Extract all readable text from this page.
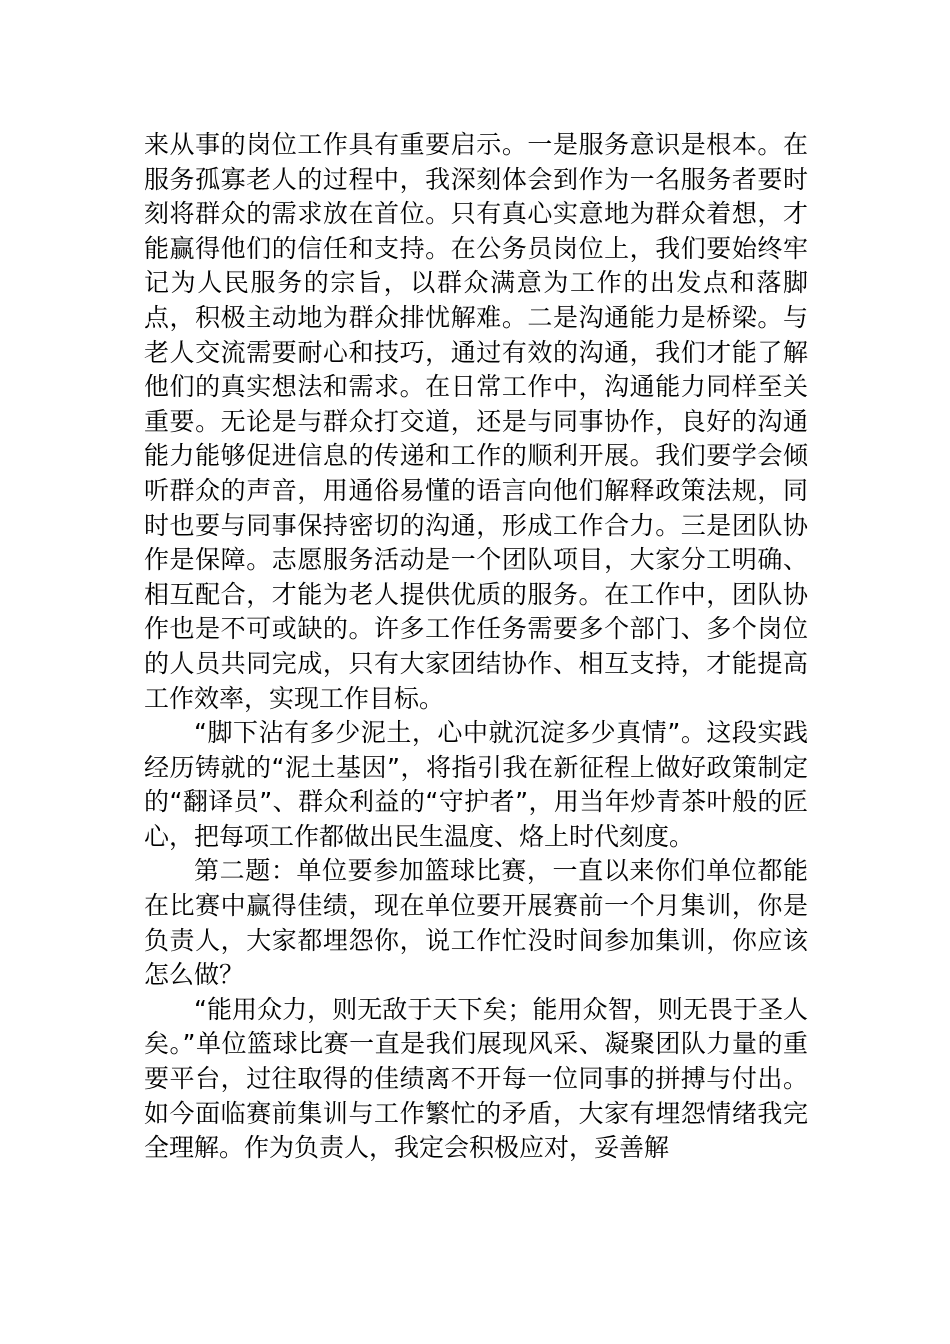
来从事的岗位工作具有重要启示。一是服务意识是根本。在服务孤寡老人的过程中，我深刻体会到作为一名服务者要时刻将群众的需求放在首位。只有真心实意地为群众着想，才能赢得他们的信任和支持。在公务员岗位上，我们要始终牢记为人民服务的宗旨，以群众满意为工作的出发点和落脚点，积极主动地为群众排忧解难。二是沟通能力是桥梁。与老人交流需要耐心和技巧，通过有效的沟通，我们才能了解他们的真实想法和需求。在日常工作中，沟通能力同样至关重要。无论是与群众打交道，还是与同事协作，良好的沟通能力能够促进信息的传递和工作的顺利开展。我们要学会倾听群众的声音，用通俗易懂的语言向他们解释政策法规，同时也要与同事保持密切的沟通，形成工作合力。三是团队协作是保障。志愿服务活动是一个团队项目，大家分工明确、相互配合，才能为老人提供优质的服务。在工作中，团队协作也是不可或缺的。许多工作任务需要多个部门、多个岗位的人员共同完成，只有大家团结协作、相互支持，才能提高工作效率，实现工作目标。

“脚下沾有多少泥土，心中就沉淀多少真情”。这段实践经历铸就的“泥土基因”，将指引我在新征程上做好政策制定的“翻译员”、群众利益的“守护者”，用当年炒青茶叶般的匠心，把每项工作都做出民生温度、烙上时代刻度。

第二题：单位要参加篮球比赛，一直以来你们单位都能在比赛中赢得佳绩，现在单位要开展赛前一个月集训，你是负责人，大家都埋怨你，说工作忙没时间参加集训，你应该怎么做？

“能用众力，则无敌于天下矣；能用众智，则无畏于圣人矣。”单位篮球比赛一直是我们展现风采、凝聚团队力量的重要平台，过往取得的佳绩离不开每一位同事的拼搏与付出。如今面临赛前集训与工作繁忙的矛盾，大家有埋怨情绪我完全理解。作为负责人，我定会积极应对，妥善解
